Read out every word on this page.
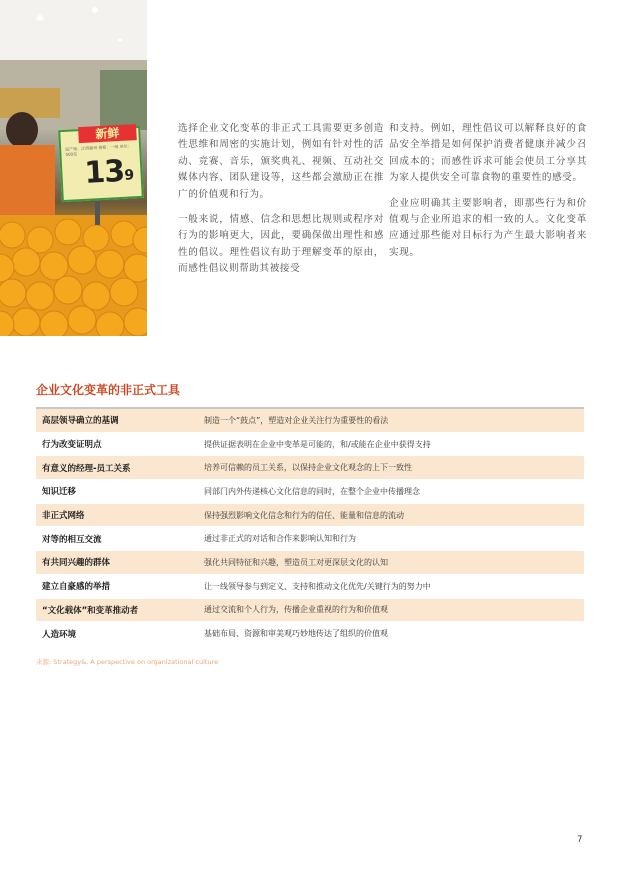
新鲜
原产地：江西赣州 规格：一级 单位：500克 $13^9$

选择企业文化变革的非正式工具需要更多创造性思维和周密的实施计划，例如有针对性的活动、竞赛、音乐，颁奖典礼、视频、互动社交媒体内容、团队建设等，这些都会激励正在推广的价值观和行为。

一般来说，情感、信念和思想比规则或程序对行为的影响更大，因此，要确保做出理性和感性的倡议。理性倡议有助于理解变革的原由，而感性倡议则帮助其被接受

和支持。例如，理性倡议可以解释良好的食品安全举措是如何保护消费者健康并减少召回成本的；而感性诉求可能会使员工分享其为家人提供安全可靠食物的重要性的感受。

企业应明确其主要影响者，即那些行为和价值观与企业所追求的相一致的人。文化变革应通过那些能对目标行为产生最大影响者来实现。

企业文化变革的非正式工具
高层领导确立的基调	制造一个“鼓点”，塑造对企业关注行为重要性的看法
行为改变证明点	提供证据表明在企业中变革是可能的，和/或能在企业中获得支持
有意义的经理-员工关系	培养可信赖的员工关系，以保持企业文化观念的上下一致性
知识迁移	同部门内外传递核心文化信息的同时，在整个企业中传播理念
非正式网络	保持强烈影响文化信念和行为的信任、能量和信息的流动
对等的相互交流	通过非正式的对话和合作来影响认知和行为
有共同兴趣的群体	强化共同特征和兴趣，塑造员工对更深层文化的认知
建立自豪感的举措	让一线领导参与到定义、支持和推动文化优先/关键行为的努力中
“文化载体”和变革推动者	通过交流和个人行为，传播企业重视的行为和价值观
人造环境	基础布局、资源和审美观巧妙地传达了组织的价值观
来源: Strategy&, A perspective on organizational culture
7
